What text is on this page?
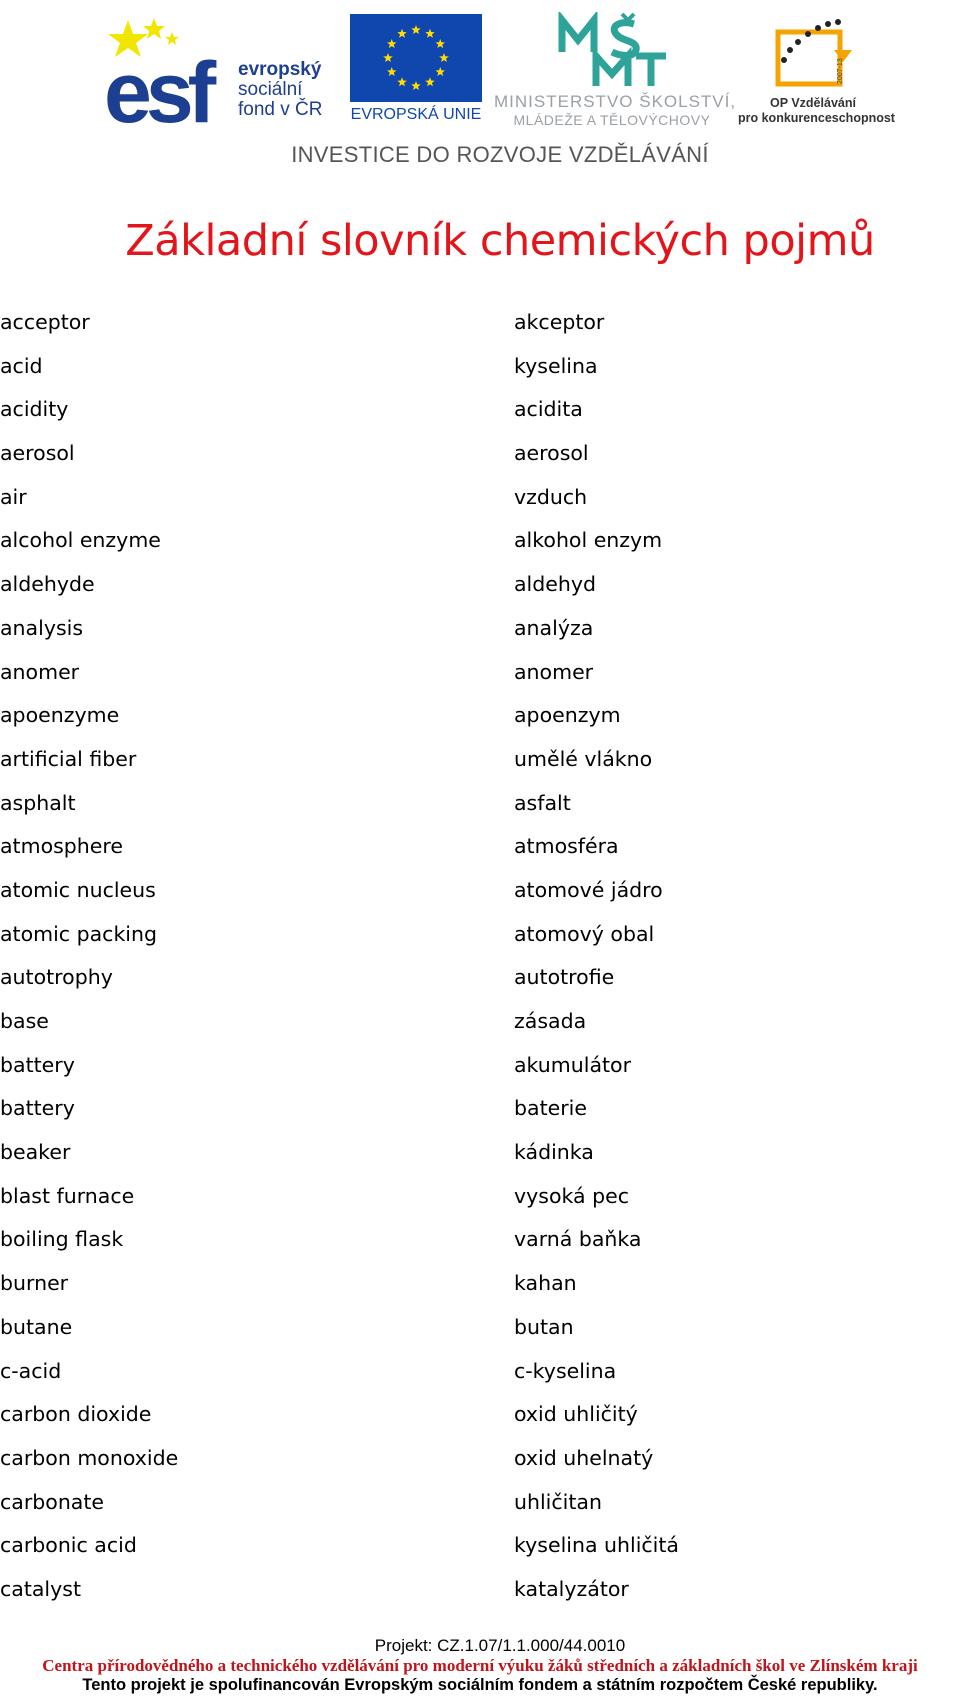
esf	evropský
sociální
fond v ČR EVROPSKÁ UNIE
MINISTERSTVO ŠKOLSTVÍ,
MLÁDEŽE A TĚLOVÝCHOVY
2007-13
OP Vzdělávání
pro konkurenceschopnost
INVESTICE DO ROZVOJE VZDĚLÁVÁNÍ
Základní slovník chemických pojmů
acceptor	akceptor
acid	kyselina
acidity	acidita
aerosol	aerosol
air	vzduch
alcohol enzyme	alkohol enzym
aldehyde	aldehyd
analysis	analýza
anomer	anomer
apoenzyme	apoenzym
artificial fiber	umělé vlákno
asphalt	asfalt
atmosphere	atmosféra
atomic nucleus	atomové jádro
atomic packing	atomový obal
autotrophy	autotrofie
base	zásada
battery	akumulátor
battery	baterie
beaker	kádinka
blast furnace	vysoká pec
boiling flask	varná baňka
burner	kahan
butane	butan
c-acid	c-kyselina
carbon dioxide	oxid uhličitý
carbon monoxide	oxid uhelnatý
carbonate	uhličitan
carbonic acid	kyselina uhličitá
catalyst	katalyzátor
Projekt: CZ.1.07/1.1.000/44.0010
Centra přírodovědného a technického vzdělávání pro moderní výuku žáků středních a základních škol ve Zlínském kraji
Tento projekt je spolufinancován Evropským sociálním fondem a státním rozpočtem České republiky.
